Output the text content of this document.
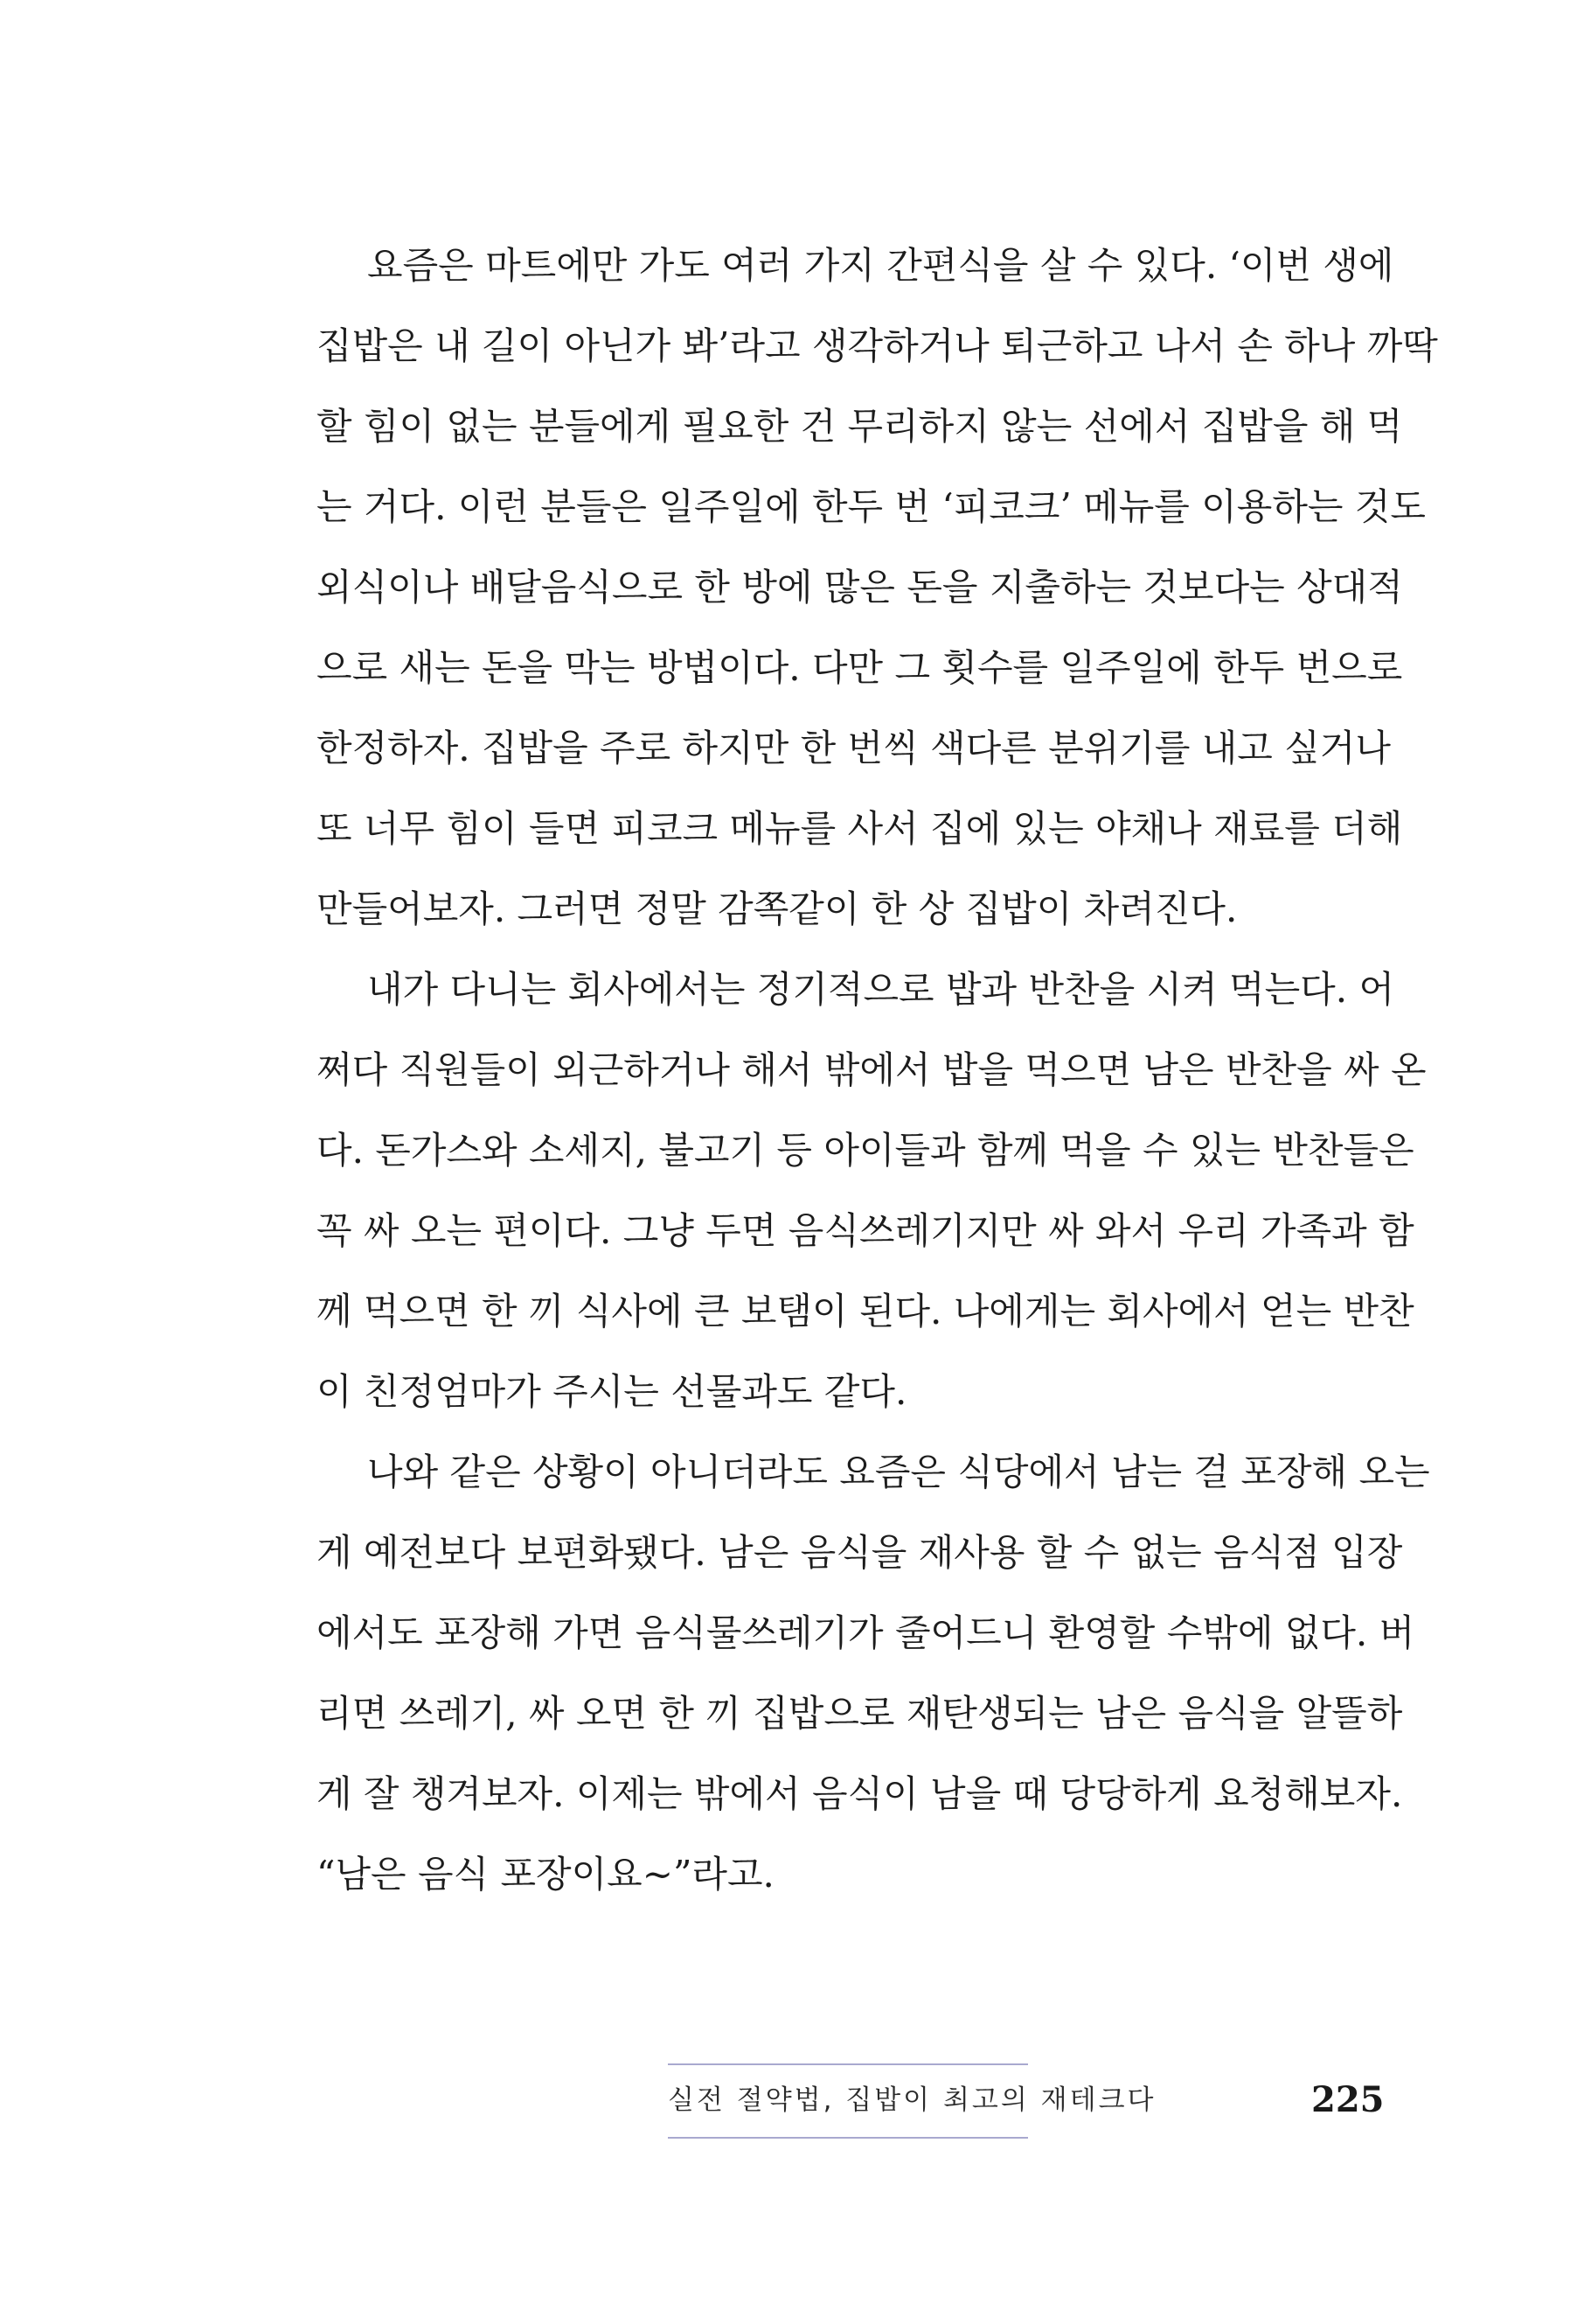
요즘은 마트에만 가도 여러 가지 간편식을 살 수 있다. ‘이번 생에
집밥은 내 길이 아닌가 봐’라고 생각하거나 퇴근하고 나서 손 하나 까딱
할 힘이 없는 분들에게 필요한 건 무리하지 않는 선에서 집밥을 해 먹
는 거다. 이런 분들은 일주일에 한두 번 ‘피코크’ 메뉴를 이용하는 것도
외식이나 배달음식으로 한 방에 많은 돈을 지출하는 것보다는 상대적
으로 새는 돈을 막는 방법이다. 다만 그 횟수를 일주일에 한두 번으로
한정하자. 집밥을 주로 하지만 한 번씩 색다른 분위기를 내고 싶거나
또 너무 힘이 들면 피코크 메뉴를 사서 집에 있는 야채나 재료를 더해
만들어보자. 그러면 정말 감쪽같이 한 상 집밥이 차려진다.
내가 다니는 회사에서는 정기적으로 밥과 반찬을 시켜 먹는다. 어
쩌다 직원들이 외근하거나 해서 밖에서 밥을 먹으면 남은 반찬을 싸 온
다. 돈가스와 소세지, 불고기 등 아이들과 함께 먹을 수 있는 반찬들은
꼭 싸 오는 편이다. 그냥 두면 음식쓰레기지만 싸 와서 우리 가족과 함
께 먹으면 한 끼 식사에 큰 보탬이 된다. 나에게는 회사에서 얻는 반찬
이 친정엄마가 주시는 선물과도 같다.
나와 같은 상황이 아니더라도 요즘은 식당에서 남는 걸 포장해 오는
게 예전보다 보편화됐다. 남은 음식을 재사용 할 수 없는 음식점 입장
에서도 포장해 가면 음식물쓰레기가 줄어드니 환영할 수밖에 없다. 버
리면 쓰레기, 싸 오면 한 끼 집밥으로 재탄생되는 남은 음식을 알뜰하
게 잘 챙겨보자. 이제는 밖에서 음식이 남을 때 당당하게 요청해보자.
“남은 음식 포장이요~”라고.
실전 절약법, 집밥이 최고의 재테크다	225
